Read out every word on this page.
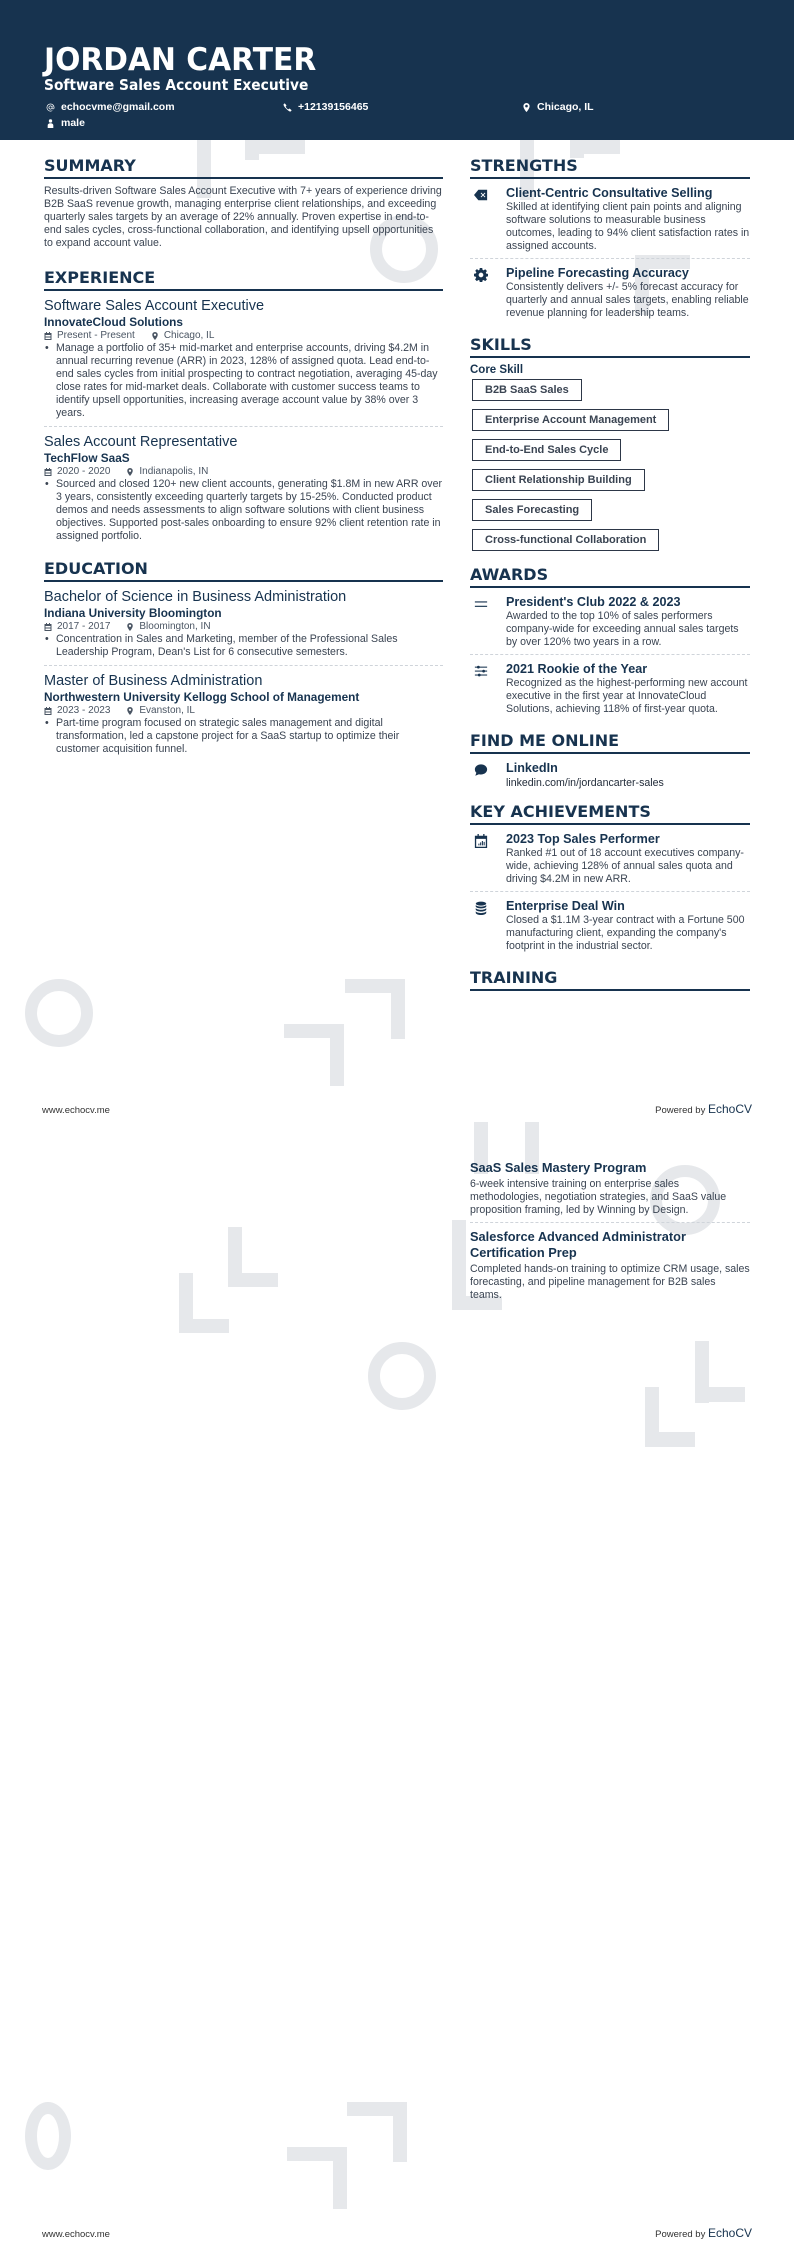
JORDAN CARTER
Software Sales Account Executive
echocvme@gmail.com	+12139156465	Chicago, IL
male
SUMMARY
Results-driven Software Sales Account Executive with 7+ years of experience driving B2B SaaS revenue growth, managing enterprise client relationships, and exceeding quarterly sales targets by an average of 22% annually. Proven expertise in end-to-end sales cycles, cross-functional collaboration, and identifying upsell opportunities to expand account value.
EXPERIENCE
Software Sales Account Executive
InnovateCloud Solutions
Present - Present	Chicago, IL
• Manage a portfolio of 35+ mid-market and enterprise accounts, driving $4.2M in annual recurring revenue (ARR) in 2023, 128% of assigned quota. Lead end-to-end sales cycles from initial prospecting to contract negotiation, averaging 45-day close rates for mid-market deals. Collaborate with customer success teams to identify upsell opportunities, increasing average account value by 38% over 3 years.
Sales Account Representative
TechFlow SaaS
2020 - 2020	Indianapolis, IN
• Sourced and closed 120+ new client accounts, generating $1.8M in new ARR over 3 years, consistently exceeding quarterly targets by 15-25%. Conducted product demos and needs assessments to align software solutions with client business objectives. Supported post-sales onboarding to ensure 92% client retention rate in assigned portfolio.
EDUCATION
Bachelor of Science in Business Administration
Indiana University Bloomington
2017 - 2017	Bloomington, IN
• Concentration in Sales and Marketing, member of the Professional Sales Leadership Program, Dean's List for 6 consecutive semesters.
Master of Business Administration
Northwestern University Kellogg School of Management
2023 - 2023	Evanston, IL
• Part-time program focused on strategic sales management and digital transformation, led a capstone project for a SaaS startup to optimize their customer acquisition funnel.
STRENGTHS
Client-Centric Consultative Selling
Skilled at identifying client pain points and aligning software solutions to measurable business outcomes, leading to 94% client satisfaction rates in assigned accounts.
Pipeline Forecasting Accuracy
Consistently delivers +/- 5% forecast accuracy for quarterly and annual sales targets, enabling reliable revenue planning for leadership teams.
SKILLS
Core Skill
B2B SaaS Sales
Enterprise Account Management
End-to-End Sales Cycle
Client Relationship Building
Sales Forecasting
Cross-functional Collaboration
AWARDS
President's Club 2022 & 2023
Awarded to the top 10% of sales performers company-wide for exceeding annual sales targets by over 120% two years in a row.
2021 Rookie of the Year
Recognized as the highest-performing new account executive in the first year at InnovateCloud Solutions, achieving 118% of first-year quota.
FIND ME ONLINE
LinkedIn
linkedin.com/in/jordancarter-sales
KEY ACHIEVEMENTS
2023 Top Sales Performer
Ranked #1 out of 18 account executives company-wide, achieving 128% of annual sales quota and driving $4.2M in new ARR.
Enterprise Deal Win
Closed a $1.1M 3-year contract with a Fortune 500 manufacturing client, expanding the company's footprint in the industrial sector.
TRAINING
www.echocv.me	Powered by EchoCV
SaaS Sales Mastery Program
6-week intensive training on enterprise sales methodologies, negotiation strategies, and SaaS value proposition framing, led by Winning by Design.
Salesforce Advanced Administrator Certification Prep
Completed hands-on training to optimize CRM usage, sales forecasting, and pipeline management for B2B sales teams.
www.echocv.me	Powered by EchoCV
